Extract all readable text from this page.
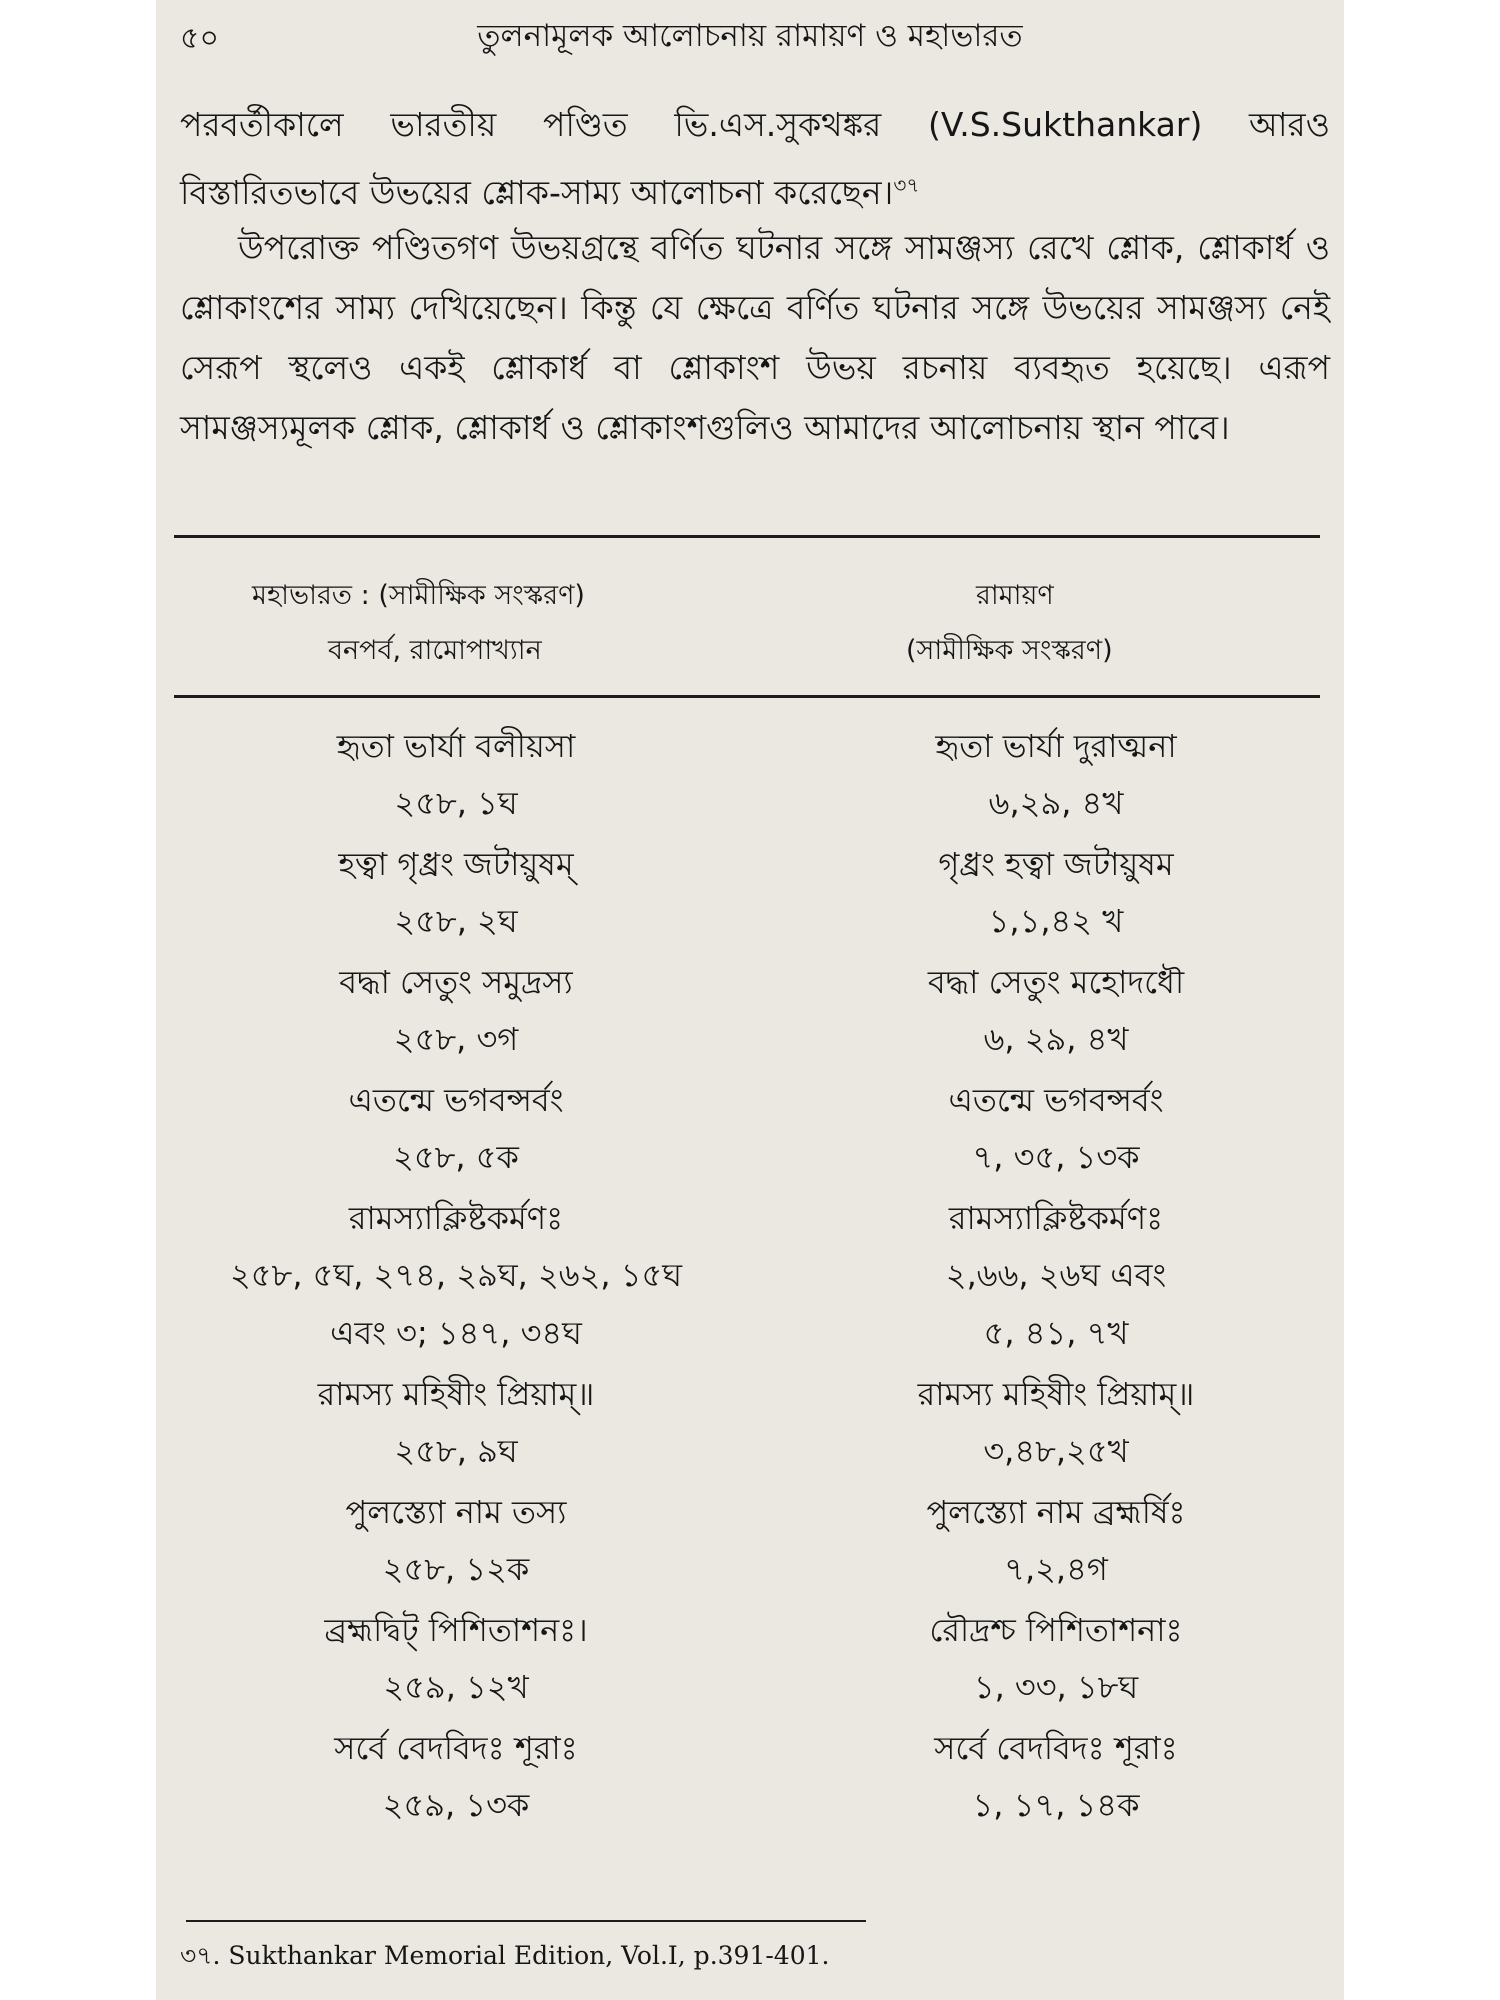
৫০	তুলনামূলক আলোচনায় রামায়ণ ও মহাভারত
পরবর্তীকালে ভারতীয় পণ্ডিত ভি.এস.সুকথঙ্কর (V.S.Sukthankar) আরও বিস্তারিতভাবে উভয়ের শ্লোক-সাম্য আলোচনা করেছেন।$^{৩৭}$
উপরোক্ত পণ্ডিতগণ উভয়গ্রন্থে বর্ণিত ঘটনার সঙ্গে সামঞ্জস্য রেখে শ্লোক, শ্লোকার্ধ ও শ্লোকাংশের সাম্য দেখিয়েছেন। কিন্তু যে ক্ষেত্রে বর্ণিত ঘটনার সঙ্গে উভয়ের সামঞ্জস্য নেই সেরূপ স্থলেও একই শ্লোকার্ধ বা শ্লোকাংশ উভয় রচনায় ব্যবহৃত হয়েছে। এরূপ সামঞ্জস্যমূলক শ্লোক, শ্লোকার্ধ ও শ্লোকাংশগুলিও আমাদের আলোচনায় স্থান পাবে।
মহাভারত : (সামীক্ষিক সংস্করণ)
বনপর্ব, রামোপাখ্যান
রামায়ণ
(সামীক্ষিক সংস্করণ)
হৃতা ভার্যা বলীয়সা
২৫৮, ১ঘ
হৃতা ভার্যা দুরাত্মনা
৬,২৯, ৪খ
হত্বা গৃধ্রং জটায়ুষম্
২৫৮, ২ঘ
গৃধ্রং হত্বা জটায়ুষম
১,১,৪২ খ
বদ্ধা সেতুং সমুদ্রস্য
২৫৮, ৩গ
বদ্ধা সেতুং মহোদধৌ
৬, ২৯, ৪খ
এতন্মে ভগবন্সর্বং
২৫৮, ৫ক
এতন্মে ভগবন্সর্বং
৭, ৩৫, ১৩ক
রামস্যাক্লিষ্টকর্মণঃ
২৫৮, ৫ঘ, ২৭৪, ২৯ঘ, ২৬২, ১৫ঘ
এবং ৩; ১৪৭, ৩৪ঘ
রামস্যাক্লিষ্টকর্মণঃ
২,৬৬, ২৬ঘ এবং
৫, ৪১, ৭খ
রামস্য মহিষীং প্রিয়াম্॥
২৫৮, ৯ঘ
রামস্য মহিষীং প্রিয়াম্॥
৩,৪৮,২৫খ
পুলস্ত্যো নাম তস্য
২৫৮, ১২ক
পুলস্ত্যো নাম ব্রহ্মর্ষিঃ
৭,২,৪গ
ব্রহ্মদ্বিট্ পিশিতাশনঃ।
২৫৯, ১২খ
রৌদ্রশ্চ পিশিতাশনাঃ
১, ৩৩, ১৮ঘ
সর্বে বেদবিদঃ শূরাঃ
২৫৯, ১৩ক
সর্বে বেদবিদঃ শূরাঃ
১, ১৭, ১৪ক
৩৭. Sukthankar Memorial Edition, Vol.I, p.391-401.
